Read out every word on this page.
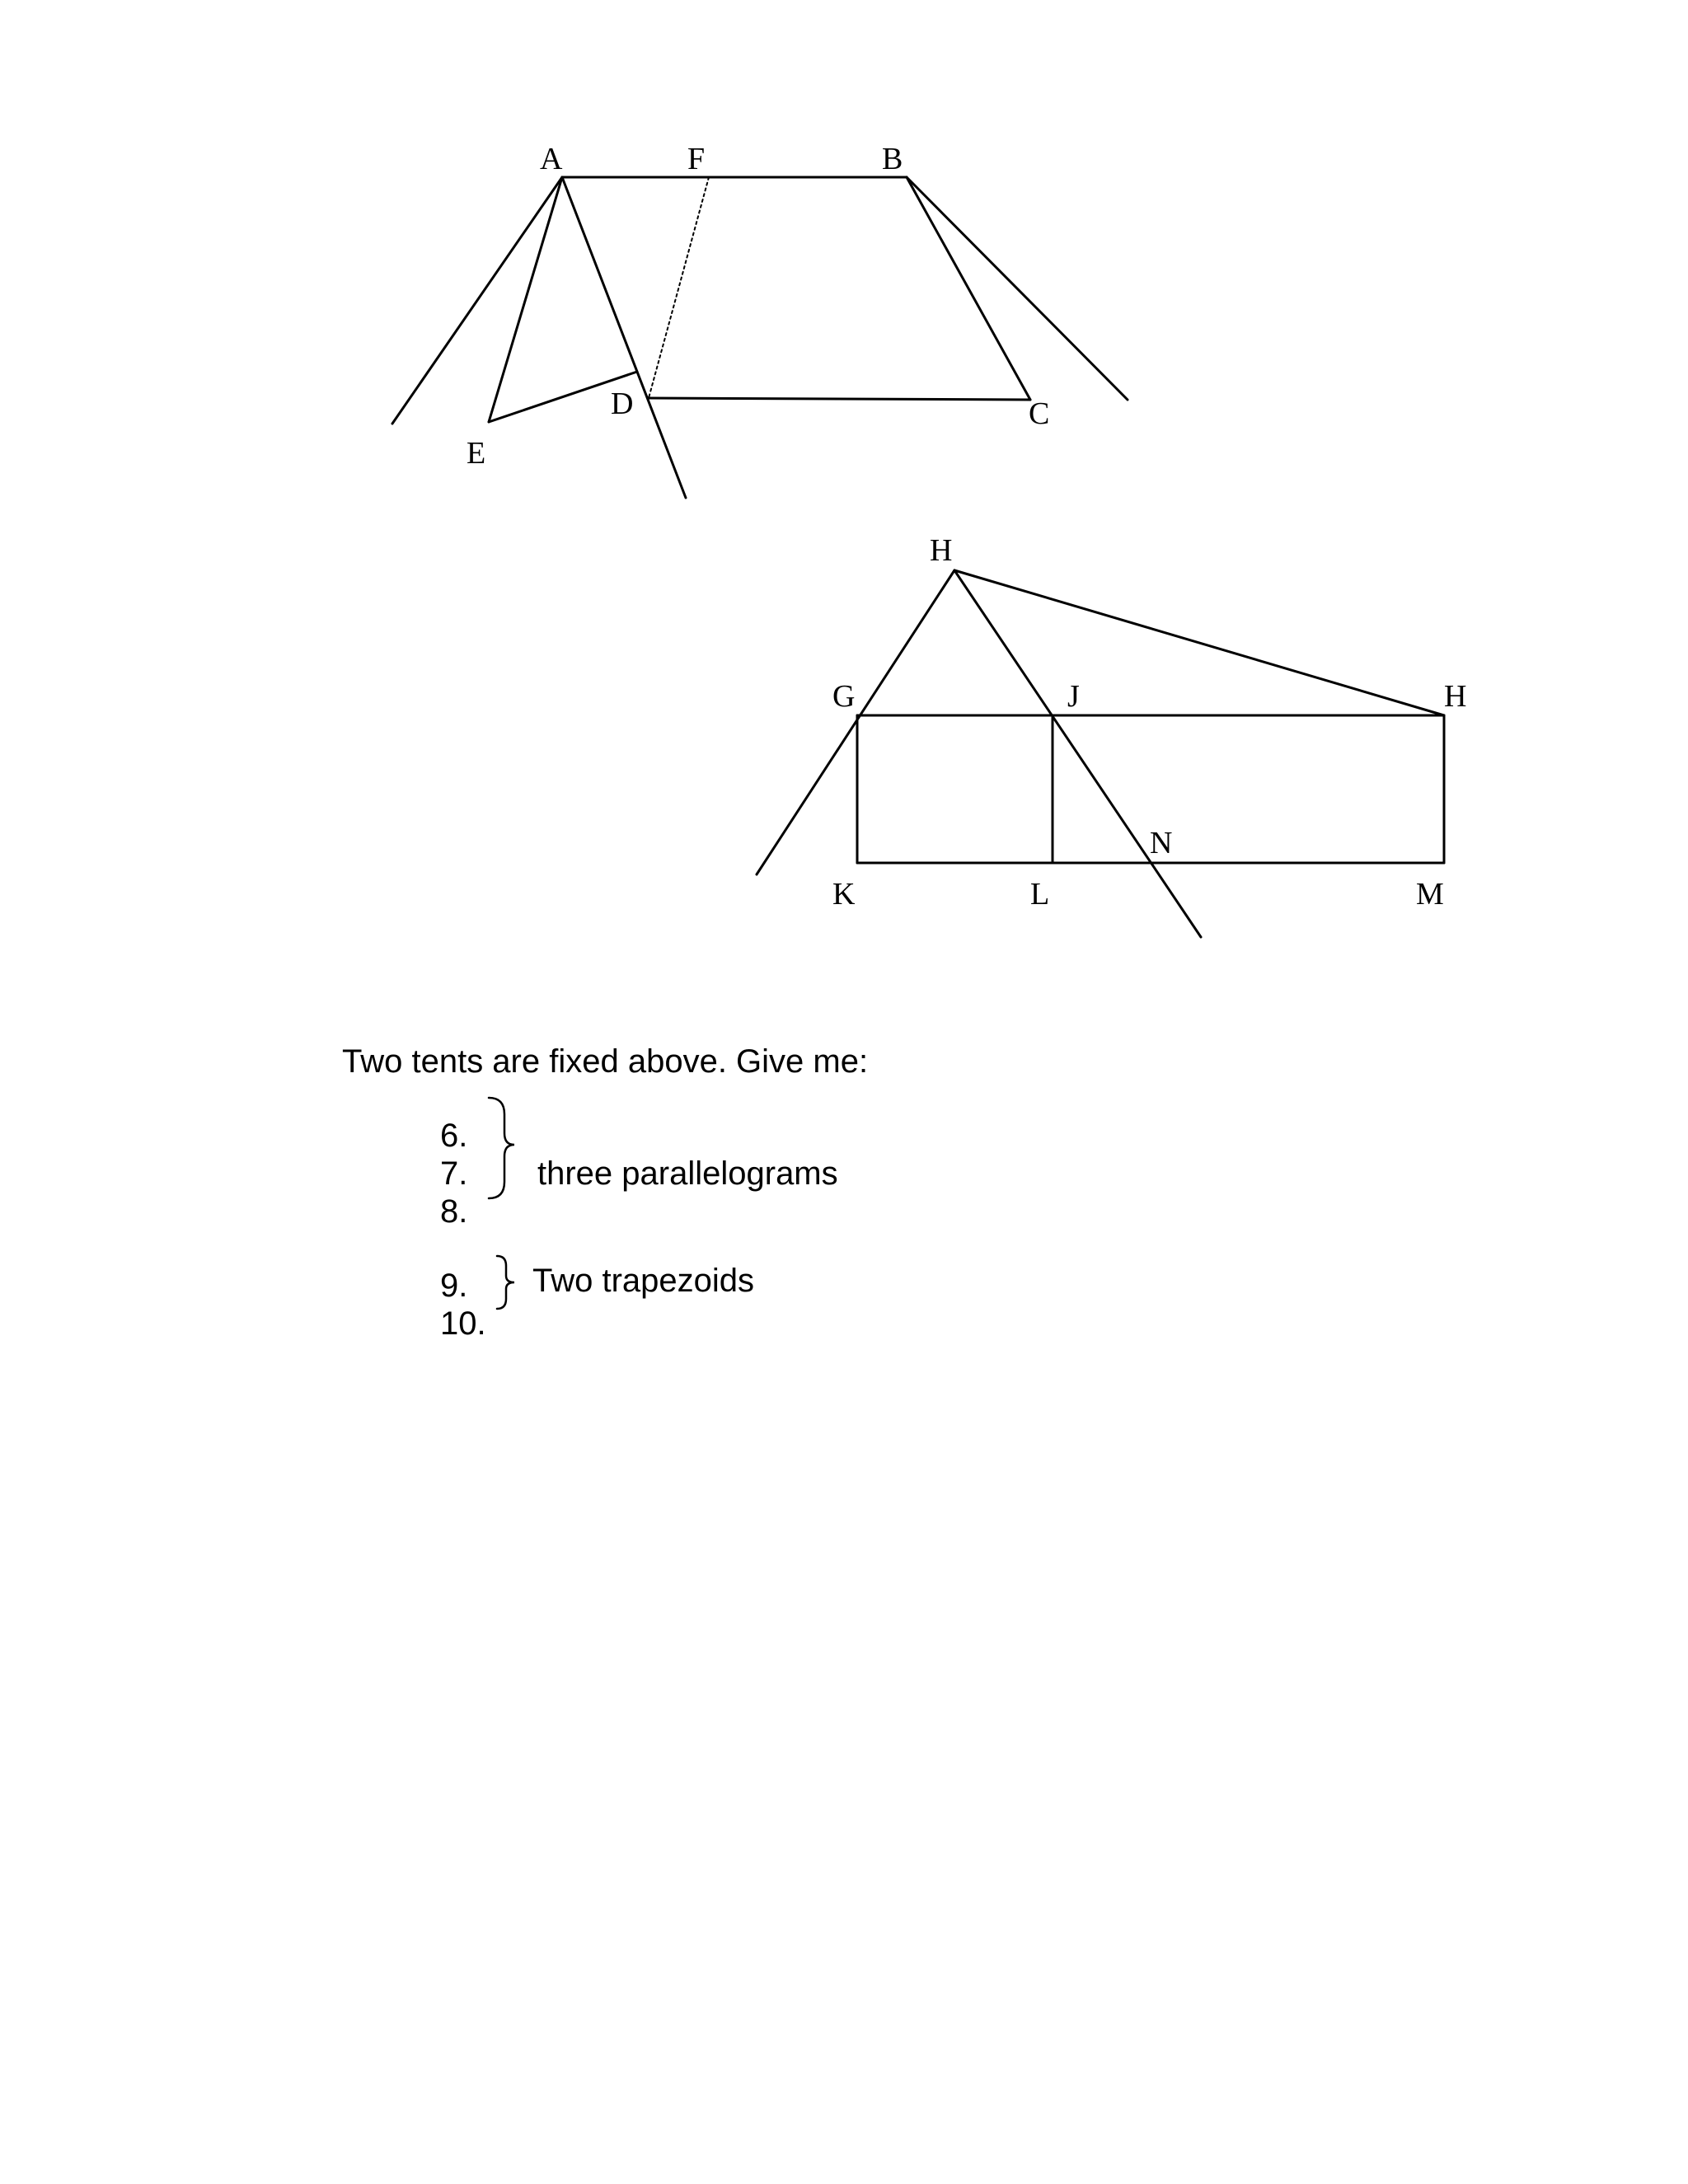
A	F	B
D	C
E
H
G	J	H
N
K	L	M

Two tents are fixed above. Give me:

6.

7.

8.

9.

10.

three parallelograms

Two trapezoids
